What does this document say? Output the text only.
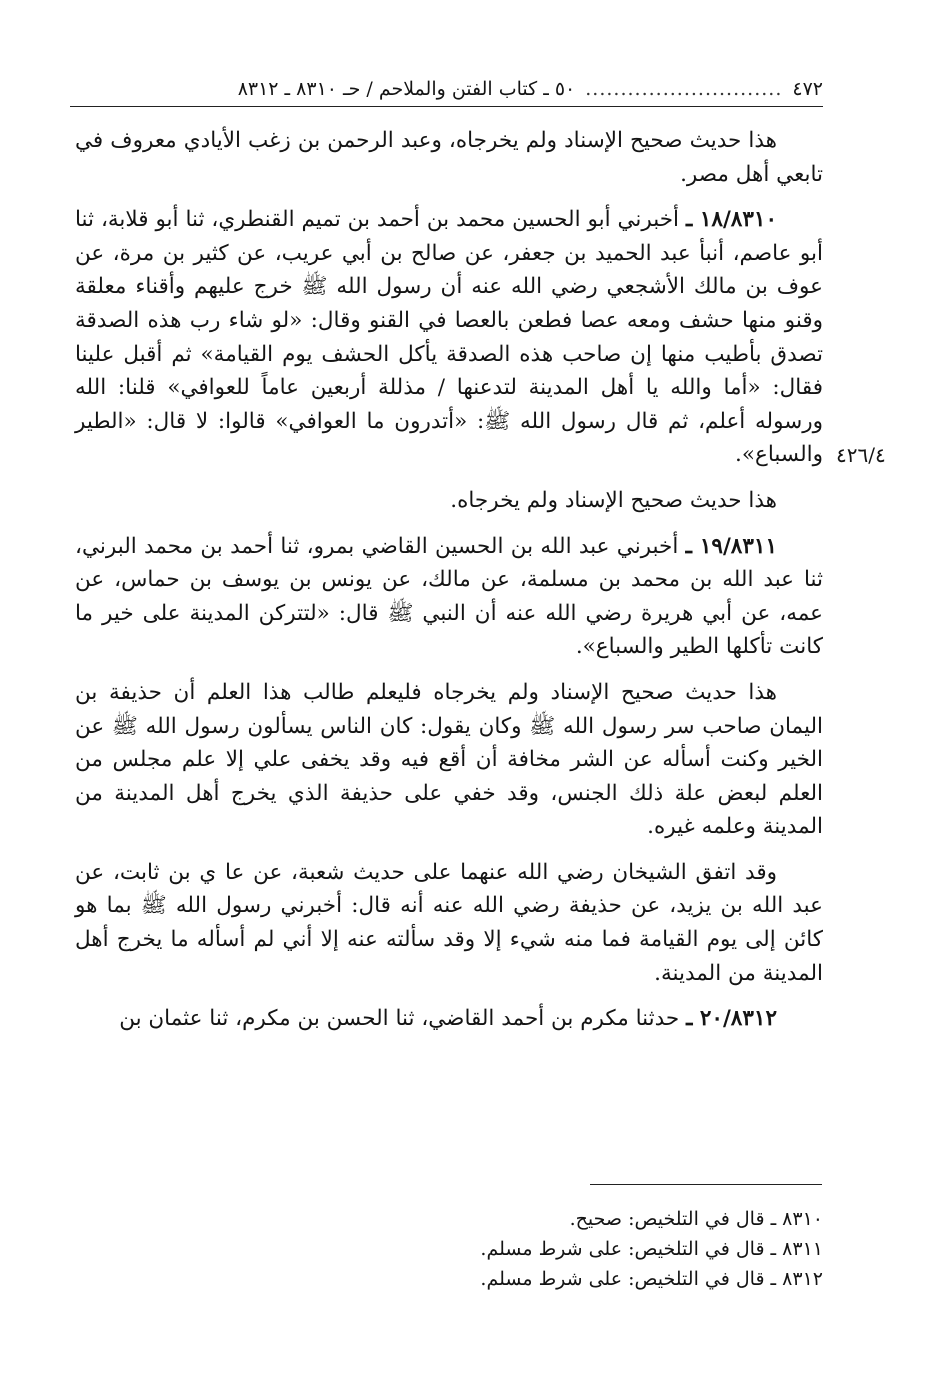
٤٧٢
............................
٥٠ ـ كتاب الفتن والملاحم / حـ ٨٣١٠ ـ ٨٣١٢
٤٢٦/٤

هذا حديث صحيح الإسناد ولم يخرجاه، وعبد الرحمن بن زغب الأيادي معروف في تابعي أهل مصر.

١٨/٨٣١٠ ـ أخبرني أبو الحسين محمد بن أحمد بن تميم القنطري، ثنا أبو قلابة، ثنا أبو عاصم، أنبأ عبد الحميد بن جعفر، عن صالح بن أبي عريب، عن كثير بن مرة، عن عوف بن مالك الأشجعي رضي الله عنه أن رسول الله ﷺ خرج عليهم وأقناء معلقة وقنو منها حشف ومعه عصا فطعن بالعصا في القنو وقال: «لو شاء رب هذه الصدقة تصدق بأطيب منها إن صاحب هذه الصدقة يأكل الحشف يوم القيامة» ثم أقبل علينا فقال: «أما والله يا أهل المدينة لتدعنها / مذللة أربعين عاماً للعوافي» قلنا: الله ورسوله أعلم، ثم قال رسول الله ﷺ: «أتدرون ما العوافي» قالوا: لا قال: «الطير والسباع».

هذا حديث صحيح الإسناد ولم يخرجاه.

١٩/٨٣١١ ـ أخبرني عبد الله بن الحسين القاضي بمرو، ثنا أحمد بن محمد البرني، ثنا عبد الله بن محمد بن مسلمة، عن مالك، عن يونس بن يوسف بن حماس، عن عمه، عن أبي هريرة رضي الله عنه أن النبي ﷺ قال: «لتتركن المدينة على خير ما كانت تأكلها الطير والسباع».

هذا حديث صحيح الإسناد ولم يخرجاه فليعلم طالب هذا العلم أن حذيفة بن اليمان صاحب سر رسول الله ﷺ وكان يقول: كان الناس يسألون رسول الله ﷺ عن الخير وكنت أسأله عن الشر مخافة أن أقع فيه وقد يخفى علي إلا علم مجلس من العلم لبعض علة ذلك الجنس، وقد خفي على حذيفة الذي يخرج أهل المدينة من المدينة وعلمه غيره.

وقد اتفق الشيخان رضي الله عنهما على حديث شعبة، عن عا ي بن ثابت، عن عبد الله بن يزيد، عن حذيفة رضي الله عنه أنه قال: أخبرني رسول الله ﷺ بما هو كائن إلى يوم القيامة فما منه شيء إلا وقد سألته عنه إلا أني لم أسأله ما يخرج أهل المدينة من المدينة.

٢٠/٨٣١٢ ـ حدثنا مكرم بن أحمد القاضي، ثنا الحسن بن مكرم، ثنا عثمان بن

٨٣١٠ ـ قال في التلخيص: صحيح.
٨٣١١ ـ قال في التلخيص: على شرط مسلم.
٨٣١٢ ـ قال في التلخيص: على شرط مسلم.
